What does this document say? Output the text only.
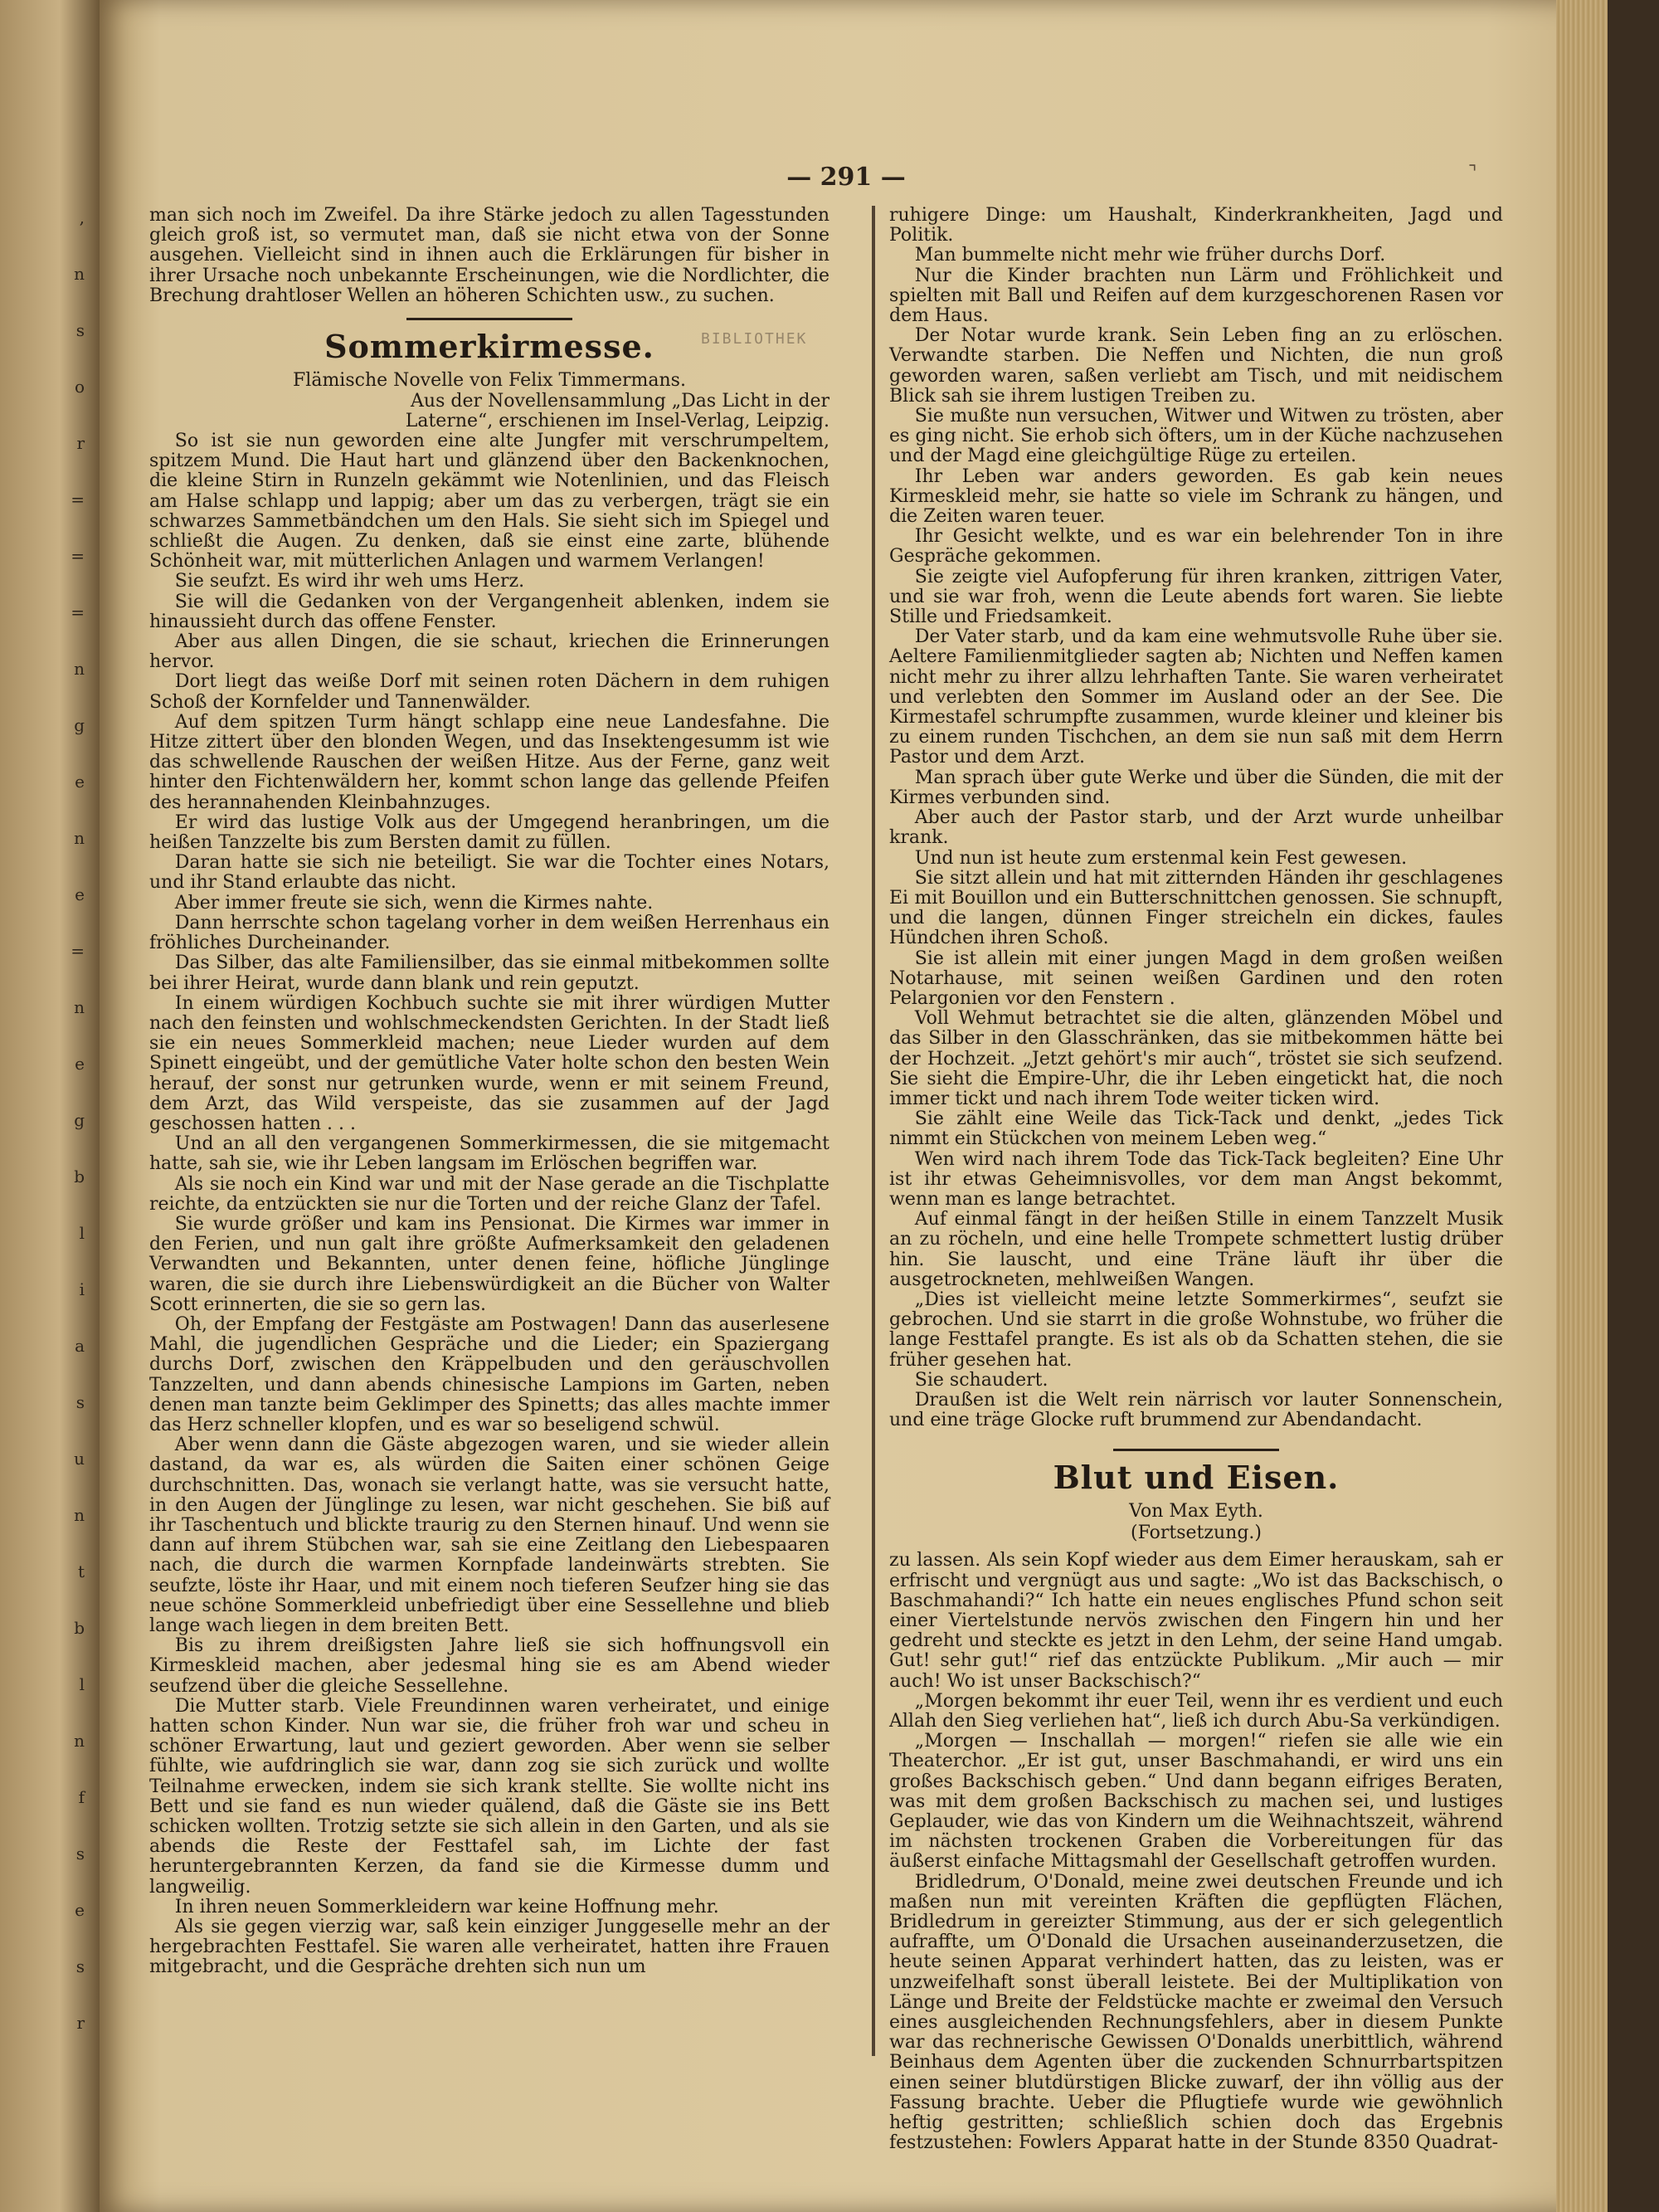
,
n
s
o
r
=
=
=
n
g
e
n
e
=
n
e
g
b
l
i
a
s
u
n
t
b
l
n
f
s
e
s
r
— 291 —	⌝

man sich noch im Zweifel. Da ihre Stärke jedoch zu allen Tagesstunden gleich groß ist, so vermutet man, daß sie nicht etwa von der Sonne ausgehen. Vielleicht sind in ihnen auch die Erklärungen für bisher in ihrer Ursache noch unbekannte Erscheinungen, wie die Nordlichter, die Brechung drahtloser Wellen an höheren Schichten usw., zu suchen.

Sommerkirmesse.
Flämische Novelle von Felix Timmermans.
Aus der Novellensammlung „Das Licht in der Laterne“, erschienen im Insel-Verlag, Leipzig.

So ist sie nun geworden eine alte Jungfer mit verschrumpeltem, spitzem Mund. Die Haut hart und glänzend über den Backenknochen, die kleine Stirn in Runzeln gekämmt wie Notenlinien, und das Fleisch am Halse schlapp und lappig; aber um das zu verbergen, trägt sie ein schwarzes Sammetbändchen um den Hals. Sie sieht sich im Spiegel und schließt die Augen. Zu denken, daß sie einst eine zarte, blühende Schönheit war, mit mütterlichen Anlagen und warmem Verlangen!

Sie seufzt. Es wird ihr weh ums Herz.

Sie will die Gedanken von der Vergangenheit ablenken, indem sie hinaussieht durch das offene Fenster.

Aber aus allen Dingen, die sie schaut, kriechen die Erinnerungen hervor.

Dort liegt das weiße Dorf mit seinen roten Dächern in dem ruhigen Schoß der Kornfelder und Tannenwälder.

Auf dem spitzen Turm hängt schlapp eine neue Landesfahne. Die Hitze zittert über den blonden Wegen, und das Insektengesumm ist wie das schwellende Rauschen der weißen Hitze. Aus der Ferne, ganz weit hinter den Fichtenwäldern her, kommt schon lange das gellende Pfeifen des herannahenden Kleinbahnzuges.

Er wird das lustige Volk aus der Umgegend heranbringen, um die heißen Tanzzelte bis zum Bersten damit zu füllen.

Daran hatte sie sich nie beteiligt. Sie war die Tochter eines Notars, und ihr Stand erlaubte das nicht.

Aber immer freute sie sich, wenn die Kirmes nahte.

Dann herrschte schon tagelang vorher in dem weißen Herrenhaus ein fröhliches Durcheinander.

Das Silber, das alte Familiensilber, das sie einmal mitbekommen sollte bei ihrer Heirat, wurde dann blank und rein geputzt.

In einem würdigen Kochbuch suchte sie mit ihrer würdigen Mutter nach den feinsten und wohlschmeckendsten Gerichten. In der Stadt ließ sie ein neues Sommerkleid machen; neue Lieder wurden auf dem Spinett eingeübt, und der gemütliche Vater holte schon den besten Wein herauf, der sonst nur getrunken wurde, wenn er mit seinem Freund, dem Arzt, das Wild verspeiste, das sie zusammen auf der Jagd geschossen hatten . . .

Und an all den vergangenen Sommerkirmessen, die sie mitgemacht hatte, sah sie, wie ihr Leben langsam im Erlöschen begriffen war.

Als sie noch ein Kind war und mit der Nase gerade an die Tischplatte reichte, da entzückten sie nur die Torten und der reiche Glanz der Tafel.

Sie wurde größer und kam ins Pensionat. Die Kirmes war immer in den Ferien, und nun galt ihre größte Aufmerksamkeit den geladenen Verwandten und Bekannten, unter denen feine, höfliche Jünglinge waren, die sie durch ihre Liebenswürdigkeit an die Bücher von Walter Scott erinnerten, die sie so gern las.

Oh, der Empfang der Festgäste am Postwagen! Dann das auserlesene Mahl, die jugendlichen Gespräche und die Lieder; ein Spaziergang durchs Dorf, zwischen den Kräppelbuden und den geräuschvollen Tanzzelten, und dann abends chinesische Lampions im Garten, neben denen man tanzte beim Geklimper des Spinetts; das alles machte immer das Herz schneller klopfen, und es war so beseligend schwül.

Aber wenn dann die Gäste abgezogen waren, und sie wieder allein dastand, da war es, als würden die Saiten einer schönen Geige durchschnitten. Das, wonach sie verlangt hatte, was sie versucht hatte, in den Augen der Jünglinge zu lesen, war nicht geschehen. Sie biß auf ihr Taschentuch und blickte traurig zu den Sternen hinauf. Und wenn sie dann auf ihrem Stübchen war, sah sie eine Zeitlang den Liebespaaren nach, die durch die warmen Kornpfade landeinwärts strebten. Sie seufzte, löste ihr Haar, und mit einem noch tieferen Seufzer hing sie das neue schöne Sommerkleid unbefriedigt über eine Sessellehne und blieb lange wach liegen in dem breiten Bett.

Bis zu ihrem dreißigsten Jahre ließ sie sich hoffnungsvoll ein Kirmeskleid machen, aber jedesmal hing sie es am Abend wieder seufzend über die gleiche Sessellehne.

Die Mutter starb. Viele Freundinnen waren verheiratet, und einige hatten schon Kinder. Nun war sie, die früher froh war und scheu in schöner Erwartung, laut und geziert geworden. Aber wenn sie selber fühlte, wie aufdringlich sie war, dann zog sie sich zurück und wollte Teilnahme erwecken, indem sie sich krank stellte. Sie wollte nicht ins Bett und sie fand es nun wieder quälend, daß die Gäste sie ins Bett schicken wollten. Trotzig setzte sie sich allein in den Garten, und als sie abends die Reste der Festtafel sah, im Lichte der fast heruntergebrannten Kerzen, da fand sie die Kirmesse dumm und langweilig.

In ihren neuen Sommerkleidern war keine Hoffnung mehr.

Als sie gegen vierzig war, saß kein einziger Junggeselle mehr an der hergebrachten Festtafel. Sie waren alle verheiratet, hatten ihre Frauen mitgebracht, und die Gespräche drehten sich nun um

BIBLIOTHEK

ruhigere Dinge: um Haushalt, Kinderkrankheiten, Jagd und Politik.

Man bummelte nicht mehr wie früher durchs Dorf.

Nur die Kinder brachten nun Lärm und Fröhlichkeit und spielten mit Ball und Reifen auf dem kurzgeschorenen Rasen vor dem Haus.

Der Notar wurde krank. Sein Leben fing an zu erlöschen. Verwandte starben. Die Neffen und Nichten, die nun groß geworden waren, saßen verliebt am Tisch, und mit neidischem Blick sah sie ihrem lustigen Treiben zu.

Sie mußte nun versuchen, Witwer und Witwen zu trösten, aber es ging nicht. Sie erhob sich öfters, um in der Küche nachzusehen und der Magd eine gleichgültige Rüge zu erteilen.

Ihr Leben war anders geworden. Es gab kein neues Kirmeskleid mehr, sie hatte so viele im Schrank zu hängen, und die Zeiten waren teuer.

Ihr Gesicht welkte, und es war ein belehrender Ton in ihre Gespräche gekommen.

Sie zeigte viel Aufopferung für ihren kranken, zittrigen Vater, und sie war froh, wenn die Leute abends fort waren. Sie liebte Stille und Friedsamkeit.

Der Vater starb, und da kam eine wehmutsvolle Ruhe über sie. Aeltere Familienmitglieder sagten ab; Nichten und Neffen kamen nicht mehr zu ihrer allzu lehrhaften Tante. Sie waren verheiratet und verlebten den Sommer im Ausland oder an der See. Die Kirmestafel schrumpfte zusammen, wurde kleiner und kleiner bis zu einem runden Tischchen, an dem sie nun saß mit dem Herrn Pastor und dem Arzt.

Man sprach über gute Werke und über die Sünden, die mit der Kirmes verbunden sind.

Aber auch der Pastor starb, und der Arzt wurde unheilbar krank.

Und nun ist heute zum erstenmal kein Fest gewesen.

Sie sitzt allein und hat mit zitternden Händen ihr geschlagenes Ei mit Bouillon und ein Butterschnittchen genossen. Sie schnupft, und die langen, dünnen Finger streicheln ein dickes, faules Hündchen ihren Schoß.

Sie ist allein mit einer jungen Magd in dem großen weißen Notarhause, mit seinen weißen Gardinen und den roten Pelargonien vor den Fenstern .

Voll Wehmut betrachtet sie die alten, glänzenden Möbel und das Silber in den Glasschränken, das sie mitbekommen hätte bei der Hochzeit. „Jetzt gehört's mir auch“, tröstet sie sich seufzend. Sie sieht die Empire-Uhr, die ihr Leben eingetickt hat, die noch immer tickt und nach ihrem Tode weiter ticken wird.

Sie zählt eine Weile das Tick-Tack und denkt, „jedes Tick nimmt ein Stückchen von meinem Leben weg.“

Wen wird nach ihrem Tode das Tick-Tack begleiten? Eine Uhr ist ihr etwas Geheimnisvolles, vor dem man Angst bekommt, wenn man es lange betrachtet.

Auf einmal fängt in der heißen Stille in einem Tanzzelt Musik an zu röcheln, und eine helle Trompete schmettert lustig drüber hin. Sie lauscht, und eine Träne läuft ihr über die ausgetrockneten, mehlweißen Wangen.

„Dies ist vielleicht meine letzte Sommerkirmes“, seufzt sie gebrochen. Und sie starrt in die große Wohnstube, wo früher die lange Festtafel prangte. Es ist als ob da Schatten stehen, die sie früher gesehen hat.

Sie schaudert.

Draußen ist die Welt rein närrisch vor lauter Sonnenschein, und eine träge Glocke ruft brummend zur Abendandacht.

Blut und Eisen.
Von Max Eyth.
(Fortsetzung.)

zu lassen. Als sein Kopf wieder aus dem Eimer herauskam, sah er erfrischt und vergnügt aus und sagte: „Wo ist das Backschisch, o Baschmahandi?“ Ich hatte ein neues englisches Pfund schon seit einer Viertelstunde nervös zwischen den Fingern hin und her gedreht und steckte es jetzt in den Lehm, der seine Hand umgab. Gut! sehr gut!“ rief das entzückte Publikum. „Mir auch — mir auch! Wo ist unser Backschisch?“

„Morgen bekommt ihr euer Teil, wenn ihr es verdient und euch Allah den Sieg verliehen hat“, ließ ich durch Abu-Sa verkündigen.

„Morgen — Inschallah — morgen!“ riefen sie alle wie ein Theaterchor. „Er ist gut, unser Baschmahandi, er wird uns ein großes Backschisch geben.“ Und dann begann eifriges Beraten, was mit dem großen Backschisch zu machen sei, und lustiges Geplauder, wie das von Kindern um die Weihnachtszeit, während im nächsten trockenen Graben die Vorbereitungen für das äußerst einfache Mittagsmahl der Gesellschaft getroffen wurden.

Bridledrum, O'Donald, meine zwei deutschen Freunde und ich maßen nun mit vereinten Kräften die gepflügten Flächen, Bridledrum in gereizter Stimmung, aus der er sich gelegentlich aufraffte, um O'Donald die Ursachen auseinanderzusetzen, die heute seinen Apparat verhindert hatten, das zu leisten, was er unzweifelhaft sonst überall leistete. Bei der Multiplikation von Länge und Breite der Feldstücke machte er zweimal den Versuch eines ausgleichenden Rechnungsfehlers, aber in diesem Punkte war das rechnerische Gewissen O'Donalds unerbittlich, während Beinhaus dem Agenten über die zuckenden Schnurrbartspitzen einen seiner blutdürstigen Blicke zuwarf, der ihn völlig aus der Fassung brachte. Ueber die Pflugtiefe wurde wie gewöhnlich heftig gestritten; schließlich schien doch das Ergebnis festzustehen: Fowlers Apparat hatte in der Stunde 8350 Quadrat-
